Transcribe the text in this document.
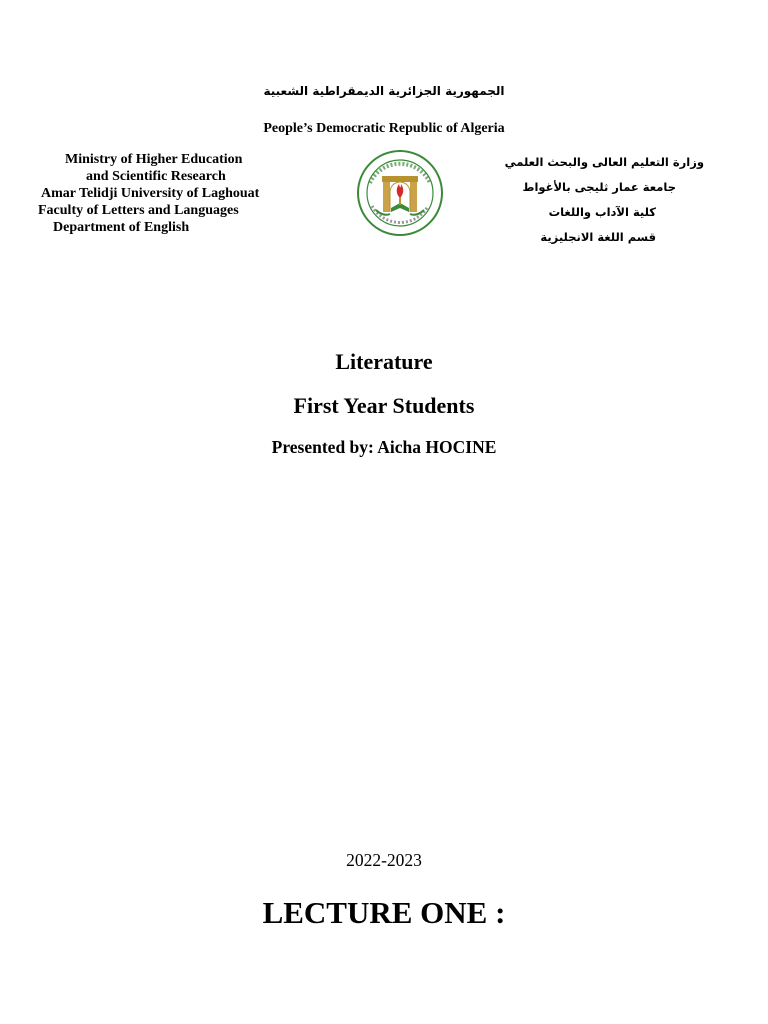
الجمهورية الجزائرية الديمقراطية الشعبية
People’s Democratic Republic of Algeria
Ministry of Higher Education
and Scientific Research
Amar Telidji University of Laghouat
Faculty of Letters and Languages
Department of English
وزارة التعليم العالى والبحث العلمي
جامعة عمار ثليجى بالأغواط
كلية الآداب واللغات
قسم اللغة الانجليزية
Literature
First Year Students
Presented by: Aicha HOCINE
2022-2023
LECTURE ONE :
